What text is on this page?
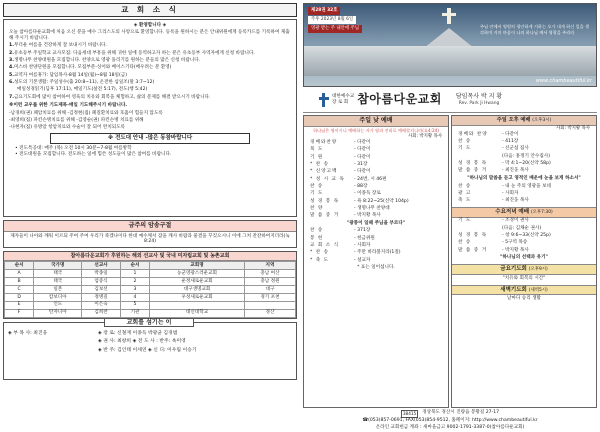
교 회 소 식
◈ 환영합니다 ◈
오늘 참아름다운교회에 처음 오신 분을 예수 그리스도의 사랑으로 환영합니다. 등록을 원하시는 분은 안내위원에게 등록카드를 기록하여 제출해 주시기 바랍니다.
1.무더운 여름을 건강하게 잘 보내시기 바랍니다.
2.유초등부 주일학교 교사모집: 다음세대 부흥을 위해 귀한 일에 동역하고자 하는 분은 유초등부 사역자에게 신청 바랍니다.
3.생명나무 찬양대원을 모집합니다. 찬양으로 영광 돌리기를 원하는 분들의 많은 신청 바랍니다.
4.미스바 찬양단원을 모집합니다. 모집부분-싱어와 베이스기타(배우려는 분 환영)
5.교역자 여름휴가: 담임목사-8월 14일(월)~8월 18일(금)
6.성도의 기본생활: 주일성수(출 20:8~11), 온전한 십일조(말 3:7~12)
매일성경읽기(딤후 17:11), 매일기도(살전 5:17), 전도(행 5:42)
7.금요기도회에 많이 참여하여 영육의 치유와 회복을 체험하고, 삶의 문제를 해결 받으시기 바랍니다.
※이런 교우를 위한 기도제목-매일 기도해주시기 바랍니다.
-남경희(권) 폐암치료를 위해 -김정현(집) 폐질환치료와 호흡이 힘들지 않도록
-최영희(집) 파킨슨병치료를 위해 -김영순(권) 파킨슨병 치료를 위해
-나현자(집) 유방암 항암치료와 수술이 잘 되어 완치되도록
※ 전도대 안내 -많은 동참바랍니다
• 전도특공대: 매주 (목) 오전 10시 30분~7-8월 여름방학
• 전도대원을 모집합니다. 전도하는 일에 힘쓴 성도들이 많은 참여를 바랍니다.
금주의 암송구절
제자들이 나아와 깨워 이르되 주여 주여 우리가 죽겠나이다 한대 예수께서 잠을 깨사 바람과 물결을 꾸짖으시니 이에 그쳐 잔잔하여지더라(눅 8:24)
참아름다운교회가 후원하는 해외 선교사 및 국내 미자립교회 및 농촌교회
순서	국가명	선교사	순서	교회명	지역
A	태국	박종일	1	농군영광스러운교회	충남 여산
B	태국	엄증식	2	운정새로운교회	충남 정원
C	일본	김보선	3	대구생명교회	대구
D	캄보디아	정병길	4	우성새로운교회	경기 포천
E	인도	이은숙	5		
F	탄자니아	김희찬	기관	대신대학교	경산
교회를 섬기는 이
◈ 부 목 사: 최진웅	◈ 장 로: 신철재 이종득 박광균 김경범
◈ 권 사: 최창희 ◈ 전 도 사 : 반주: 옥미영
◈ 반 주: 김인태 이세연 ◈ 신 디: 이우림 이승기
제28권 32호
주후 2023년 8월 6일
영광 받는 주 내안에 주님	주님 안에서 영원히 평안하게 거하는 오가 내게 하신 일을 생각하며 거의 마음이 나의 하나님 께서 영광을 주리라
www.chambeautiful.kr
대한예수교
장 로 회 참아름다운교회 담임목사 박 지 황
Rev. Park Ji Hwang
주일 낮 예배
하나님은 영이시니 예배하는 자가 영과 진리로 예배할지니라(요4:24)
사회: 박지황 목사
경배와찬양	- 다같이
묵 도	- 다같이
기 원	- 다같이
* 찬 송	- 31장
* 신앙고백	- 다같이
* 성 시 교 독	- 24번, 시 46편
찬 송	- 88장
기 도	- 이종득 장로
성 경 봉 독	- 욕 8:22~25(신약 104p)
찬 양	- 생명나무 찬양대
말 씀 증 거	- 박지황 목사
"광풍이 일때 주님을 부르다"
찬 송	- 371장
봉 헌	- 헌금위원
교 회 소 식	- 사회자
* 찬 송	- 주만 바라볼지라(1절)
* 축 도	- 설교자
* 표는 일어섭니다.
주일 오후 예배 (오후3시)
사회: 박지황 목사
경배와 찬양	- 다같이
찬 송	- 411장
기 도	- 신군섭 집사
(다음: 홍정기 안수집사)
성 경 봉 독	- 막 4:1~20(신약 58p)
말 씀 증 거	- 최진웅 목사
"하나님의 말씀을 듣고 영적인 배운에 눈을 보게 하소서"
찬 송	- 내 눈 주의 영광을 보네
광 고	- 사회자
축 도	- 최진웅 목사
수요저녁 예배 (오후7:30)
기 도	- 조경이 권사
(다음: 김채순 권사)
성 경 봉 독	- 창 9:6~33(신약 25p)
찬 송	- 5구역 목송
말 씀 증 거	- 박지황 목사
"하나님의 선택과 유기"
금요기도회 (오후9시)
"치유와 회복의 시간"
새벽기도회 (새벽5시)
날마다 승리 생활
38415	경상북도 경산시 진량읍 봉황길 27-17
☎(053)857-0691, FAX(053)854-9512, 홈페이지: http://www.chambeautiful.kr
온라인 교회헌금 계좌 : 새마을금고 9002-1791-3387-0(참아름다운교회)
